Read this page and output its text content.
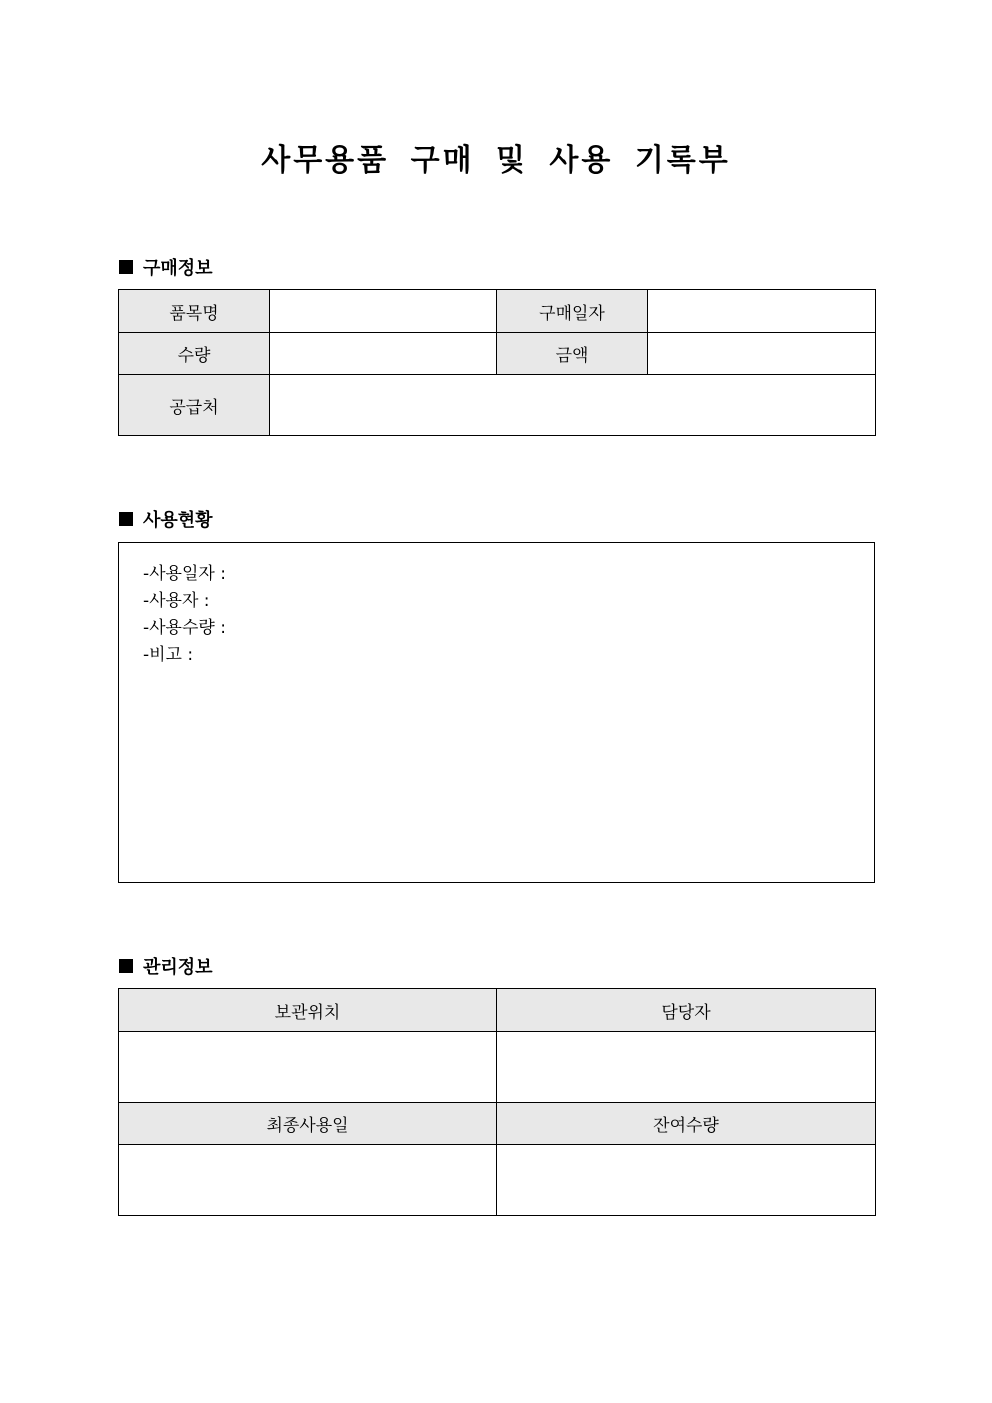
사무용품 구매 및 사용 기록부
구매정보
품목명		구매일자	
수량		금액	
공급처			
사용현황
-사용일자 :
-사용자 :
-사용수량 :
-비고 :
관리정보
보관위치	담당자

최종사용일	잔여수량
